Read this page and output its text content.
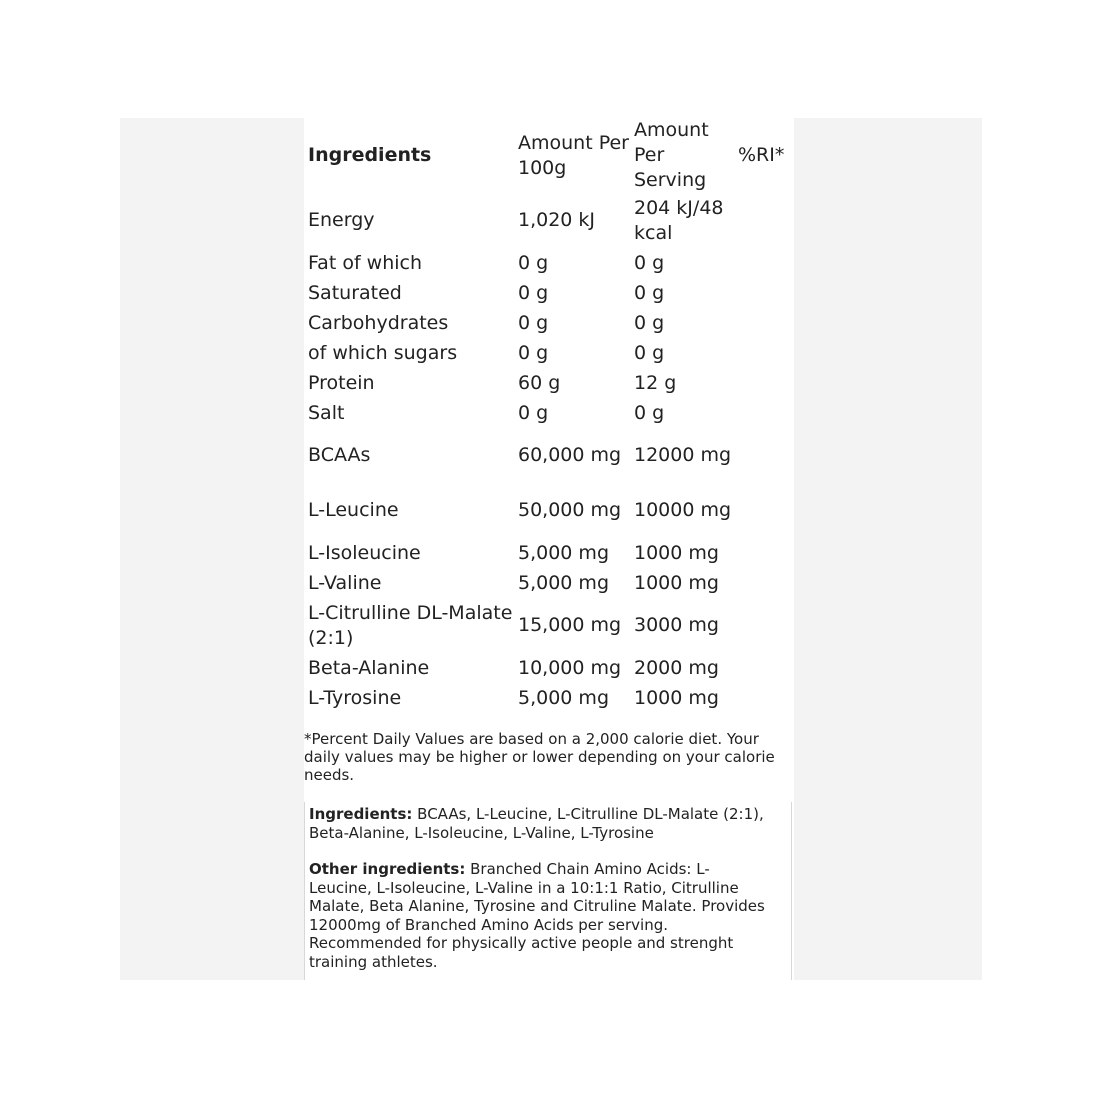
Ingredients	Amount Per 100g	Amount Per Serving	%RI*
Energy	1,020 kJ	204 kJ/48 kcal	
Fat of which	0 g	0 g	
Saturated	0 g	0 g	
Carbohydrates	0 g	0 g	
of which sugars	0 g	0 g	
Protein	60 g	12 g	
Salt	0 g	0 g	
BCAAs	60,000 mg	12000 mg	
L-Leucine	50,000 mg	10000 mg	
L-Isoleucine	5,000 mg	1000 mg	
L-Valine	5,000 mg	1000 mg	
L-Citrulline DL-Malate (2:1)	15,000 mg	3000 mg	
Beta-Alanine	10,000 mg	2000 mg	
L-Tyrosine	5,000 mg	1000 mg	
*Percent Daily Values are based on a 2,000 calorie diet. Your daily values may be higher or lower depending on your calorie needs.

Ingredients: BCAAs, L-Leucine, L-Citrulline DL-Malate (2:1), Beta-Alanine, L-Isoleucine, L-Valine, L-Tyrosine

Other ingredients: Branched Chain Amino Acids: L-Leucine, L-Isoleucine, L-Valine in a 10:1:1 Ratio, Citrulline Malate, Beta Alanine, Tyrosine and Citruline Malate. Provides 12000mg of Branched Amino Acids per serving. Recommended for physically active people and strenght training athletes.
